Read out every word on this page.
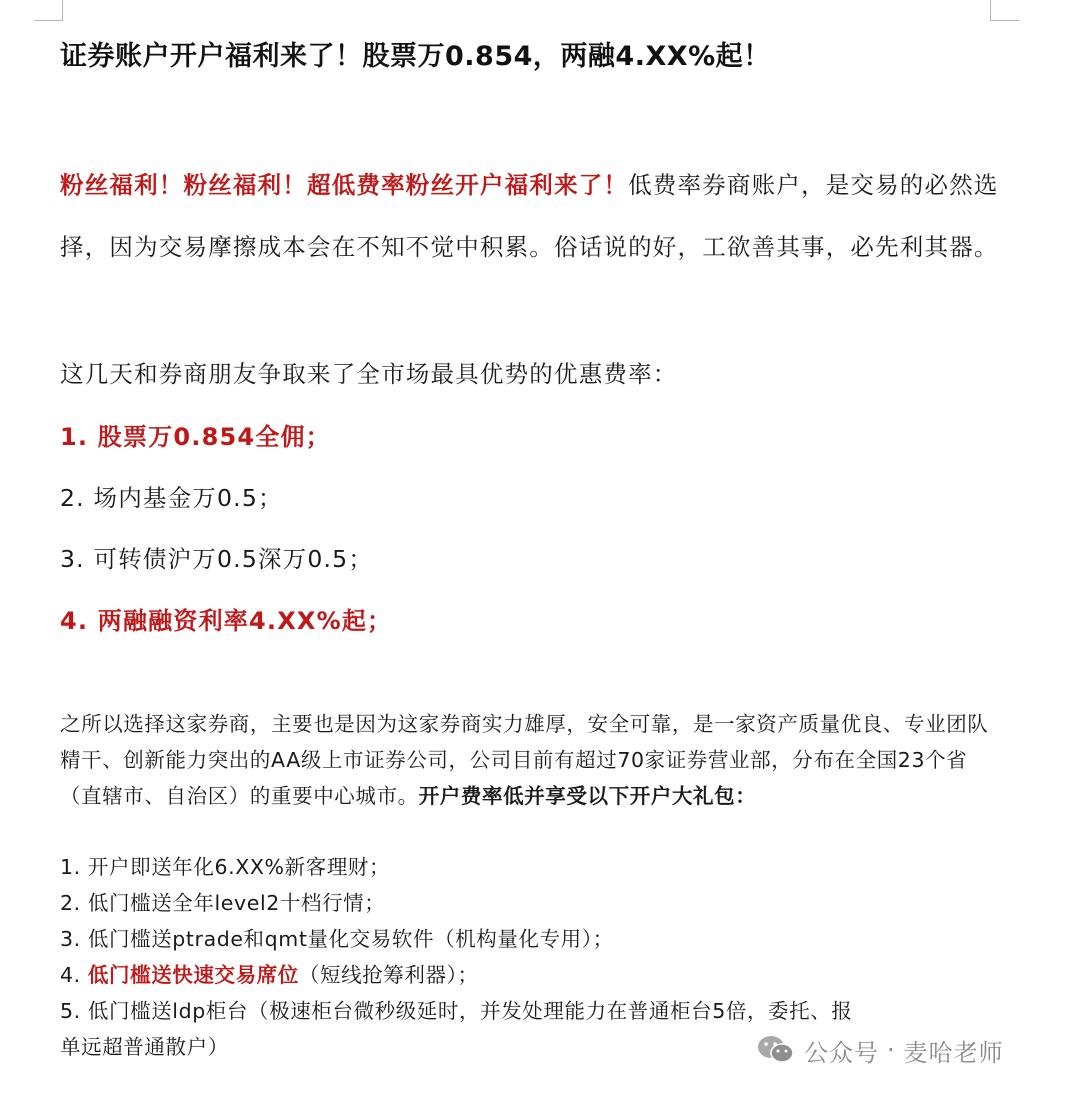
证券账户开户福利来了！股票万0.854，两融4.XX%起！
粉丝福利！粉丝福利！超低费率粉丝开户福利来了！低费率券商账户，是交易的必然选择，因为交易摩擦成本会在不知不觉中积累。俗话说的好，工欲善其事，必先利其器。
这几天和券商朋友争取来了全市场最具优势的优惠费率：
1. 股票万0.854全佣；
2. 场内基金万0.5；
3. 可转债沪万0.5深万0.5；
4. 两融融资利率4.XX%起；
之所以选择这家券商，主要也是因为这家券商实力雄厚，安全可靠，是一家资产质量优良、专业团队精干、创新能力突出的AA级上市证券公司，公司目前有超过70家证券营业部，分布在全国23个省（直辖市、自治区）的重要中心城市。开户费率低并享受以下开户大礼包：
1. 开户即送年化6.XX%新客理财；
2. 低门槛送全年level2十档行情；
3. 低门槛送ptrade和qmt量化交易软件（机构量化专用）；
4. 低门槛送快速交易席位（短线抢筹利器）；
5. 低门槛送ldp柜台（极速柜台微秒级延时，并发处理能力在普通柜台5倍，委托、报
单远超普通散户）	公众号 · 麦哈老师
